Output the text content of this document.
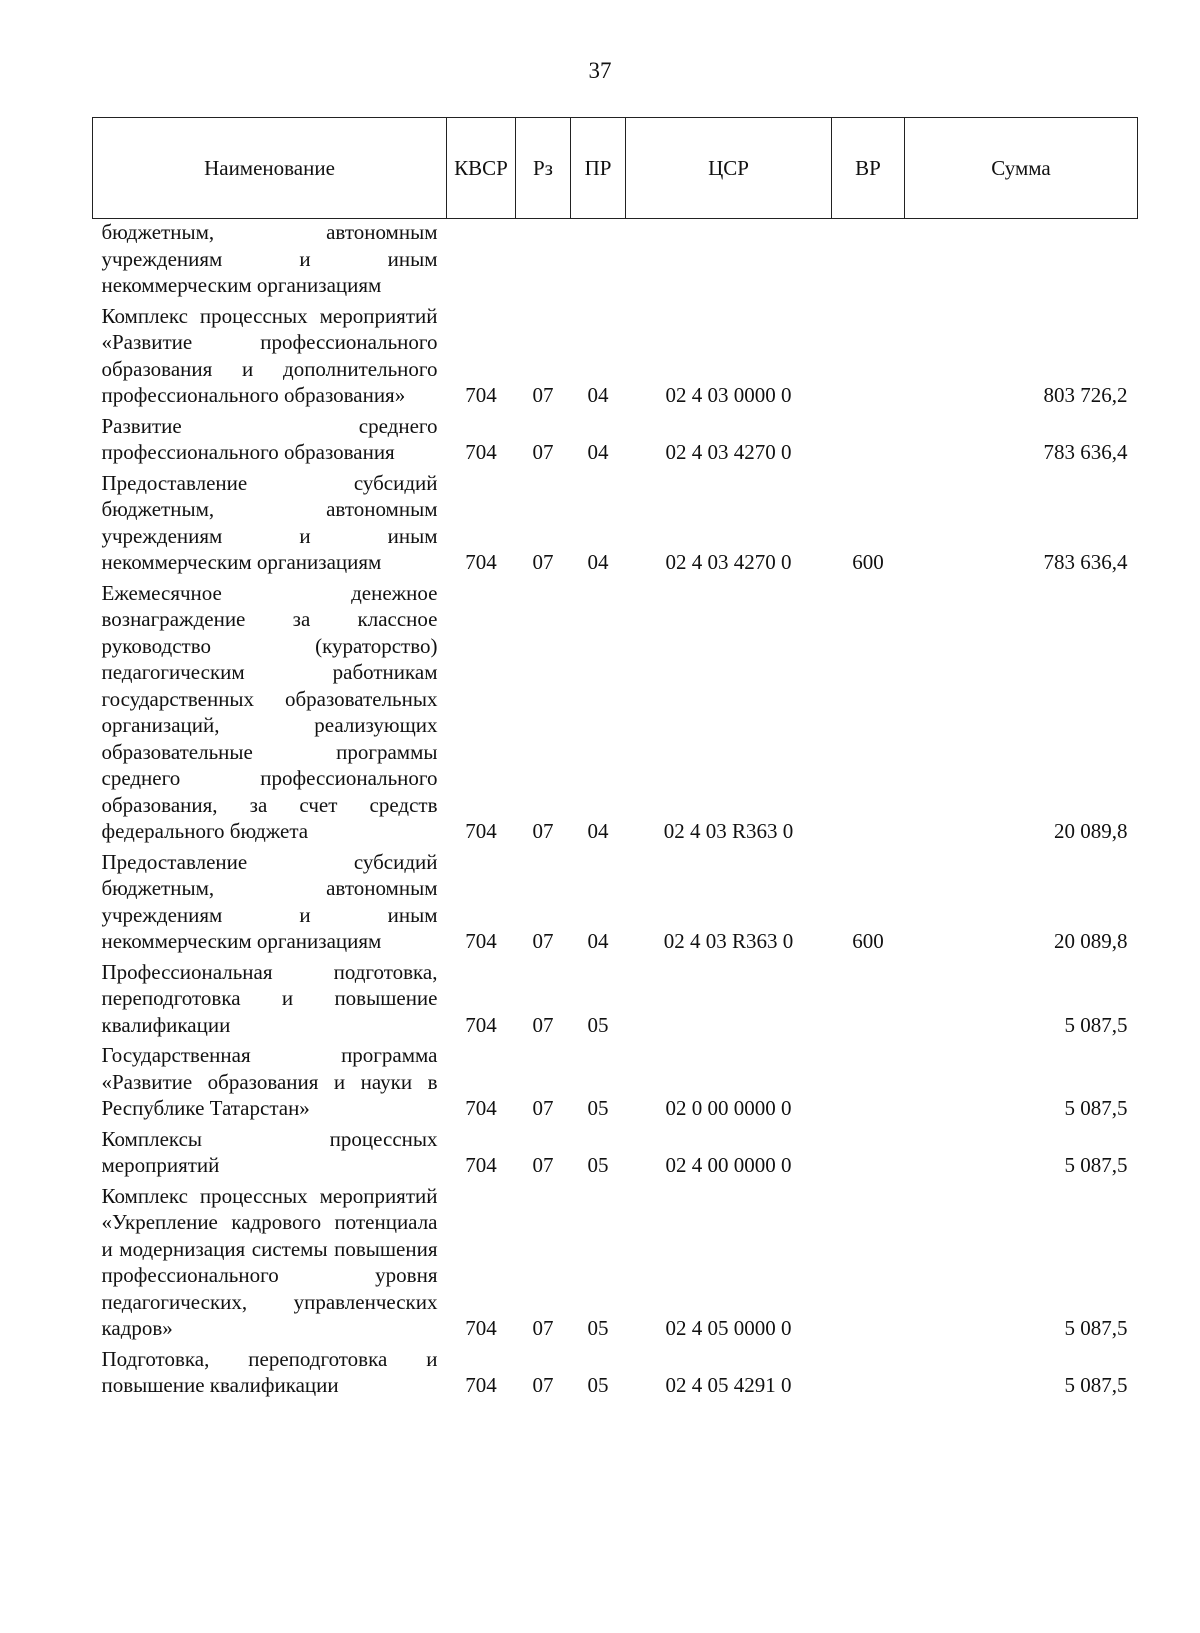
37
Наименование	КВСР	Рз	ПР	ЦСР	ВР	Сумма
бюджетным, автономным учреждениям и иным некоммерческим организациям						
Комплекс процессных мероприятий «Развитие профессионального образования и дополнительного профессионального образования»	704	07	04	02 4 03 0000 0		803 726,2
Развитие среднего профессионального образования	704	07	04	02 4 03 4270 0		783 636,4
Предоставление субсидий бюджетным, автономным учреждениям и иным некоммерческим организациям	704	07	04	02 4 03 4270 0	600	783 636,4
Ежемесячное денежное вознаграждение за классное руководство (кураторство) педагогическим работникам государственных образовательных организаций, реализующих образовательные программы среднего профессионального образования, за счет средств федерального бюджета	704	07	04	02 4 03 R363 0		20 089,8
Предоставление субсидий бюджетным, автономным учреждениям и иным некоммерческим организациям	704	07	04	02 4 03 R363 0	600	20 089,8
Профессиональная подготовка, переподготовка и повышение квалификации	704	07	05			5 087,5
Государственная программа «Развитие образования и науки в Республике Татарстан»	704	07	05	02 0 00 0000 0		5 087,5
Комплексы процессных мероприятий	704	07	05	02 4 00 0000 0		5 087,5
Комплекс процессных мероприятий «Укрепление кадрового потенциала и модернизация системы повышения профессионального уровня педагогических, управленческих кадров»	704	07	05	02 4 05 0000 0		5 087,5
Подготовка, переподготовка и повышение квалификации	704	07	05	02 4 05 4291 0		5 087,5
